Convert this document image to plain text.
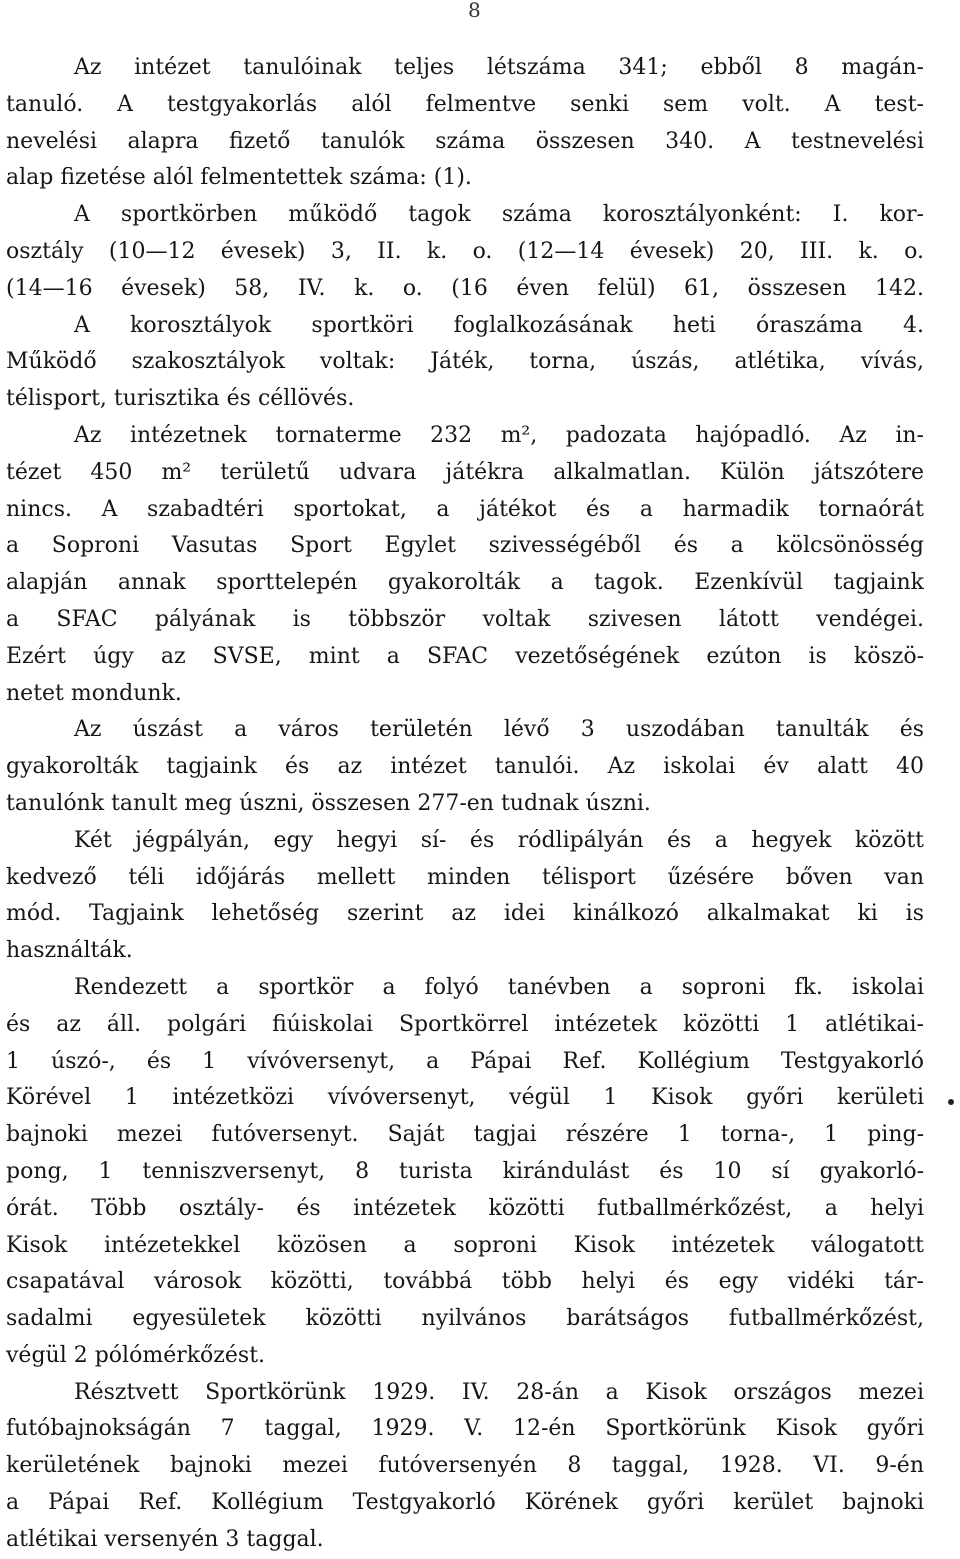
8
Az intézet tanulóinak teljes létszáma 341; ebből 8 magán-
tanuló. A testgyakorlás alól felmentve senki sem volt. A test-
nevelési alapra fizető tanulók száma összesen 340. A testnevelési
alap fizetése alól felmentettek száma: (1).
A sportkörben működő tagok száma korosztályonként: I. kor-
osztály (10—12 évesek) 3, II. k. o. (12—14 évesek) 20, III. k. o.
(14—16 évesek) 58, IV. k. o. (16 éven felül) 61, összesen 142.
A korosztályok sportköri foglalkozásának heti óraszáma 4.
Működő szakosztályok voltak: Játék, torna, úszás, atlétika, vívás,
télisport, turisztika és céllövés.
Az intézetnek tornaterme 232 m², padozata hajópadló. Az in-
tézet 450 m² területű udvara játékra alkalmatlan. Külön játszótere
nincs. A szabadtéri sportokat, a játékot és a harmadik tornaórát
a Soproni Vasutas Sport Egylet szivességéből és a kölcsönösség
alapján annak sporttelepén gyakorolták a tagok. Ezenkívül tagjaink
a SFAC pályának is többször voltak szivesen látott vendégei.
Ezért úgy az SVSE, mint a SFAC vezetőségének ezúton is köszö-
netet mondunk.
Az úszást a város területén lévő 3 uszodában tanulták és
gyakorolták tagjaink és az intézet tanulói. Az iskolai év alatt 40
tanulónk tanult meg úszni, összesen 277-en tudnak úszni.
Két jégpályán, egy hegyi sí- és ródlipályán és a hegyek között
kedvező téli időjárás mellett minden télisport űzésére bőven van
mód. Tagjaink lehetőség szerint az idei kinálkozó alkalmakat ki is
használták.
Rendezett a sportkör a folyó tanévben a soproni fk. iskolai
és az áll. polgári fiúiskolai Sportkörrel intézetek közötti 1 atlétikai-
1 úszó-, és 1 vívóversenyt, a Pápai Ref. Kollégium Testgyakorló
Körével 1 intézetközi vívóversenyt, végül 1 Kisok győri kerületi
bajnoki mezei futóversenyt. Saját tagjai részére 1 torna-, 1 ping-
pong, 1 tenniszversenyt, 8 turista kirándulást és 10 sí gyakorló-
órát. Több osztály- és intézetek közötti futballmérkőzést, a helyi
Kisok intézetekkel közösen a soproni Kisok intézetek válogatott
csapatával városok közötti, továbbá több helyi és egy vidéki tár-
sadalmi egyesületek közötti nyilvános barátságos futballmérkőzést,
végül 2 pólómérkőzést.
Résztvett Sportkörünk 1929. IV. 28-án a Kisok országos mezei
futóbajnokságán 7 taggal, 1929. V. 12-én Sportkörünk Kisok győri
kerületének bajnoki mezei futóversenyén 8 taggal, 1928. VI. 9-én
a Pápai Ref. Kollégium Testgyakorló Körének győri kerület bajnoki
atlétikai versenyén 3 taggal.
